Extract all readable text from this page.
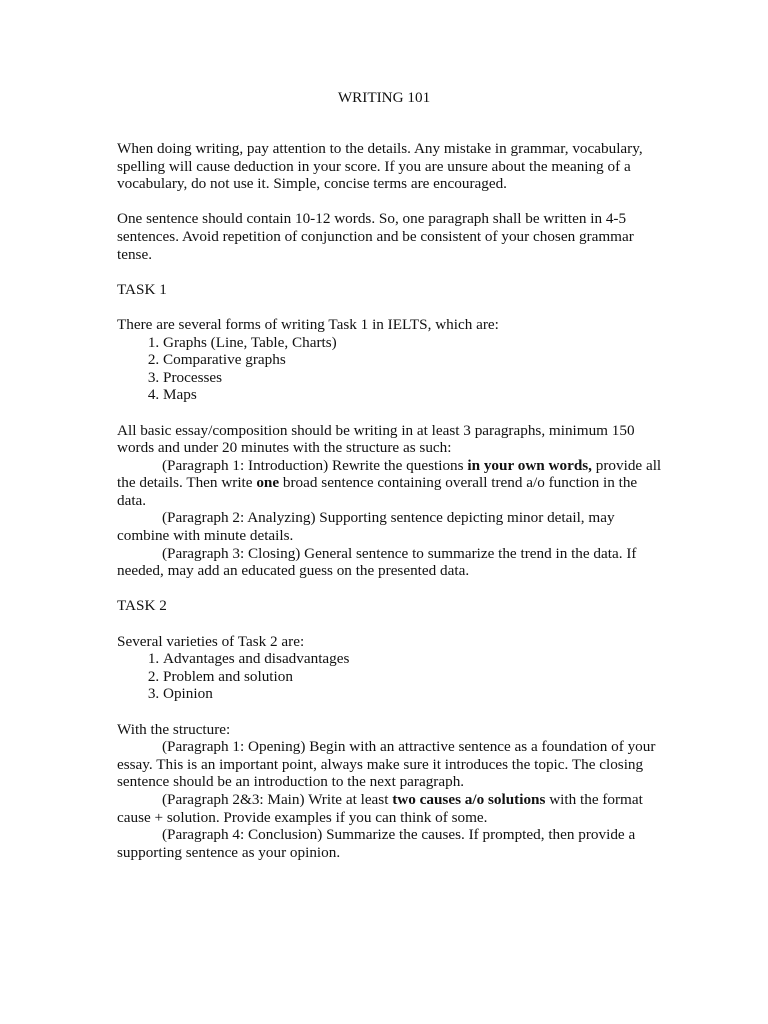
WRITING 101

When doing writing, pay attention to the details. Any mistake in grammar, vocabulary, spelling will cause deduction in your score. If you are unsure about the meaning of a vocabulary, do not use it. Simple, concise terms are encouraged.

One sentence should contain 10-12 words. So, one paragraph shall be written in 4-5 sentences. Avoid repetition of conjunction and be consistent of your chosen grammar tense.

TASK 1

There are several forms of writing Task 1 in IELTS, which are:

1. Graphs (Line, Table, Charts)
2. Comparative graphs
3. Processes
4. Maps

All basic essay/composition should be writing in at least 3 paragraphs, minimum 150 words and under 20 minutes with the structure as such:

(Paragraph 1: Introduction) Rewrite the questions in your own words, provide all the details. Then write one broad sentence containing overall trend a/o function in the data.

(Paragraph 2: Analyzing) Supporting sentence depicting minor detail, may combine with minute details.

(Paragraph 3: Closing) General sentence to summarize the trend in the data. If needed, may add an educated guess on the presented data.

TASK 2

Several varieties of Task 2 are:

1. Advantages and disadvantages
2. Problem and solution
3. Opinion

With the structure:

(Paragraph 1: Opening) Begin with an attractive sentence as a foundation of your essay. This is an important point, always make sure it introduces the topic. The closing sentence should be an introduction to the next paragraph.

(Paragraph 2&3: Main) Write at least two causes a/o solutions with the format cause + solution. Provide examples if you can think of some.

(Paragraph 4: Conclusion) Summarize the causes. If prompted, then provide a supporting sentence as your opinion.
